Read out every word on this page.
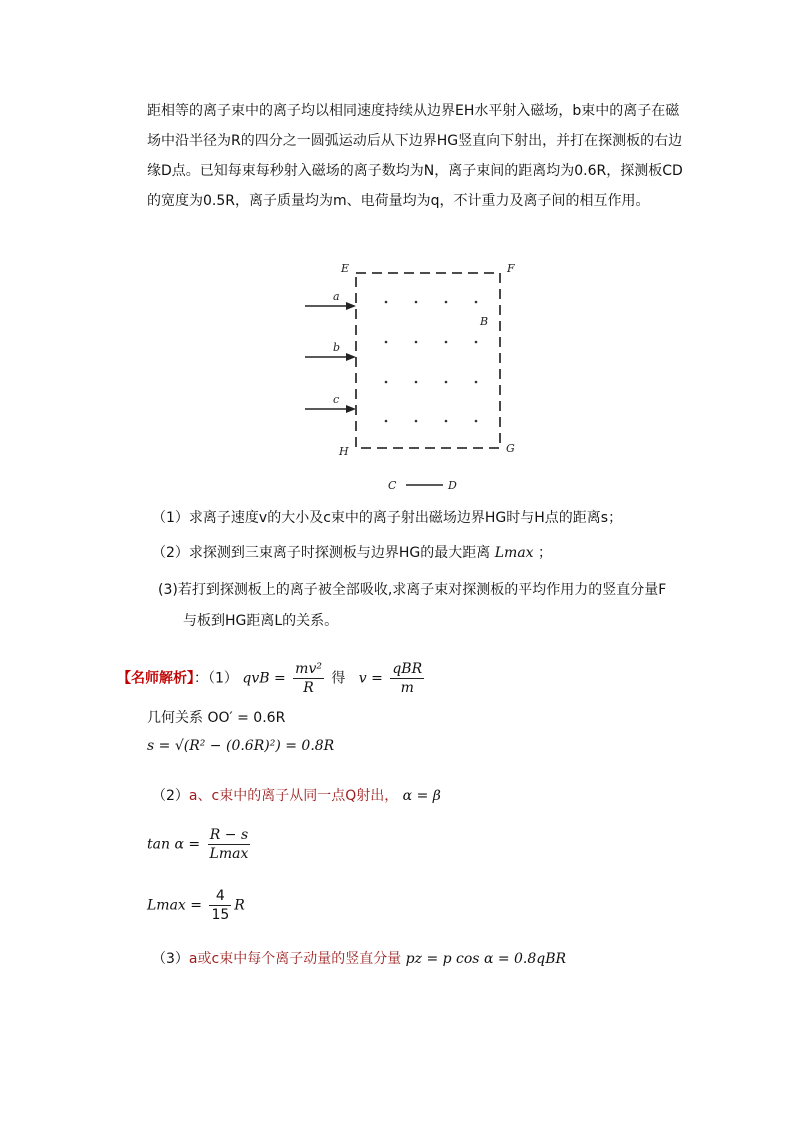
距相等的离子束中的离子均以相同速度持续从边界EH水平射入磁场，b束中的离子在磁场中沿半径为R的四分之一圆弧运动后从下边界HG竖直向下射出，并打在探测板的右边缘D点。已知每束每秒射入磁场的离子数均为N，离子束间的距离均为0.6R，探测板CD的宽度为0.5R，离子质量均为m、电荷量均为q，不计重力及离子间的相互作用。
E	F
H	G
B
a
b
c
C	D
（1）求离子速度v的大小及c束中的离子射出磁场边界HG时与H点的距离s；
（2）求探测到三束离子时探测板与边界HG的最大距离 Lmax ；
(3)若打到探测板上的离子被全部吸收,求离子束对探测板的平均作用力的竖直分量F
与板到HG距离L的关系。
【名师解析】：（1） qvB = $\frac{\text{mv²}}{R}$ 得 $v = \frac{\text{qBR}}{m}$
几何关系 OO′ = 0.6R
s = √(R² − (0.6R)²) = 0.8R
（2）a、c束中的离子从同一点Q射出， α = β
$\tan \alpha = \frac{R - s}{Lmax}$
$Lmax = \frac{4}{15}$ R
（3）a或c束中每个离子动量的竖直分量 pz = p cos α = 0.8qBR
